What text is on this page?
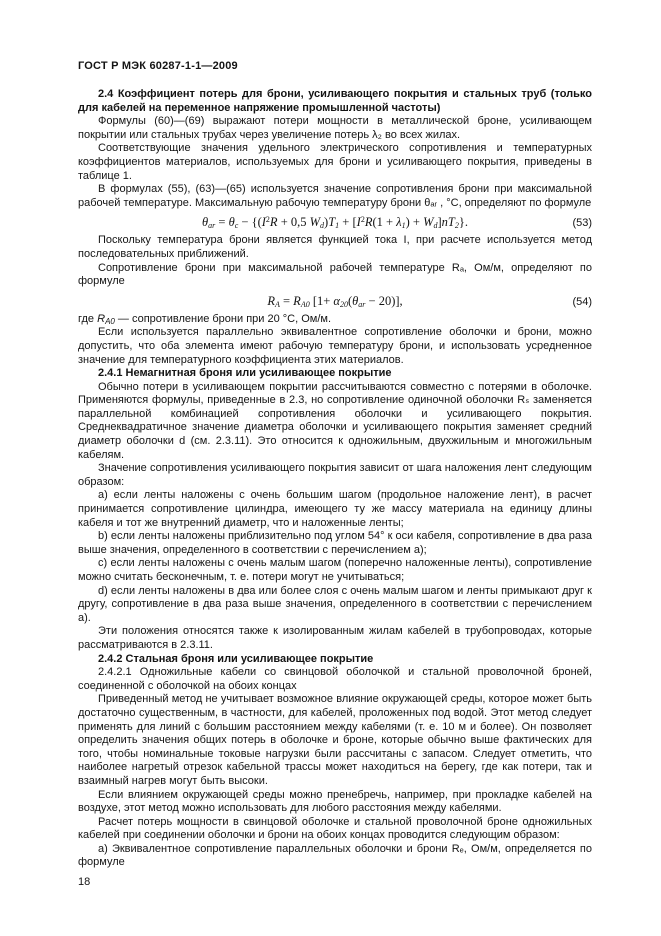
ГОСТ Р МЭК 60287-1-1—2009

2.4 Коэффициент потерь для брони, усиливающего покрытия и стальных труб (только для кабелей на переменное напряжение промышленной частоты)

Формулы (60)—(69) выражают потери мощности в металлической броне, усиливающем покрытии или стальных трубах через увеличение потерь λ₂ во всех жилах.

Соответствующие значения удельного электрического сопротивления и температурных коэффициентов материалов, используемых для брони и усиливающего покрытия, приведены в таблице 1.

В формулах (55), (63)—(65) используется значение сопротивления брони при максимальной рабочей температуре. Максимальную рабочую температуру брони θₐᵣ , °С, определяют по формуле

$\theta_{ar} = \theta_c - \{(I^2R + 0,5$ $W_d)T_1 + [I^2R(1 + \lambda_1) + W_d]nT_2$}.	(53)

Поскольку температура брони является функцией тока I, при расчете используется метод последовательных приближений.

Сопротивление брони при максимальной рабочей температуре Rₐ, Ом/м, определяют по формуле

$R_A = R_{A0}$ $[1+ \alpha_{20}(\theta_{ar} - 20)]$,	(54)

где $R_{A0}$ — сопротивление брони при 20 °С, Ом/м.

Если используется параллельно эквивалентное сопротивление оболочки и брони, можно допустить, что оба элемента имеют рабочую температуру брони, и использовать усредненное значение для температурного коэффициента этих материалов.

2.4.1 Немагнитная броня или усиливающее покрытие

Обычно потери в усиливающем покрытии рассчитываются совместно с потерями в оболочке. Применяются формулы, приведенные в 2.3, но сопротивление одиночной оболочки Rₛ заменяется параллельной комбинацией сопротивления оболочки и усиливающего покрытия. Среднеквадратичное значение диаметра оболочки и усиливающего покрытия заменяет средний диаметр оболочки d (см. 2.3.11). Это относится к одножильным, двухжильным и многожильным кабелям.

Значение сопротивления усиливающего покрытия зависит от шага наложения лент следующим образом:

a) если ленты наложены с очень большим шагом (продольное наложение лент), в расчет принимается сопротивление цилиндра, имеющего ту же массу материала на единицу длины кабеля и тот же внутренний диаметр, что и наложенные ленты;

b) если ленты наложены приблизительно под углом 54° к оси кабеля, сопротивление в два раза выше значения, определенного в соответствии с перечислением a);

c) если ленты наложены с очень малым шагом (поперечно наложенные ленты), сопротивление можно считать бесконечным, т. е. потери могут не учитываться;

d) если ленты наложены в два или более слоя с очень малым шагом и ленты примыкают друг к другу, сопротивление в два раза выше значения, определенного в соответствии с перечислением a).

Эти положения относятся также к изолированным жилам кабелей в трубопроводах, которые рассматриваются в 2.3.11.

2.4.2 Стальная броня или усиливающее покрытие

2.4.2.1 Одножильные кабели со свинцовой оболочкой и стальной проволочной броней, соединенной с оболочкой на обоих концах

Приведенный метод не учитывает возможное влияние окружающей среды, которое может быть достаточно существенным, в частности, для кабелей, проложенных под водой. Этот метод следует применять для линий с большим расстоянием между кабелями (т. е. 10 м и более). Он позволяет определить значения общих потерь в оболочке и броне, которые обычно выше фактических для того, чтобы номинальные токовые нагрузки были рассчитаны с запасом. Следует отметить, что наиболее нагретый отрезок кабельной трассы может находиться на берегу, где как потери, так и взаимный нагрев могут быть высоки.

Если влиянием окружающей среды можно пренебречь, например, при прокладке кабелей на воздухе, этот метод можно использовать для любого расстояния между кабелями.

Расчет потерь мощности в свинцовой оболочке и стальной проволочной броне одножильных кабелей при соединении оболочки и брони на обоих концах проводится следующим образом:

a) Эквивалентное сопротивление параллельных оболочки и брони Rₑ, Ом/м, определяется по формуле

18
